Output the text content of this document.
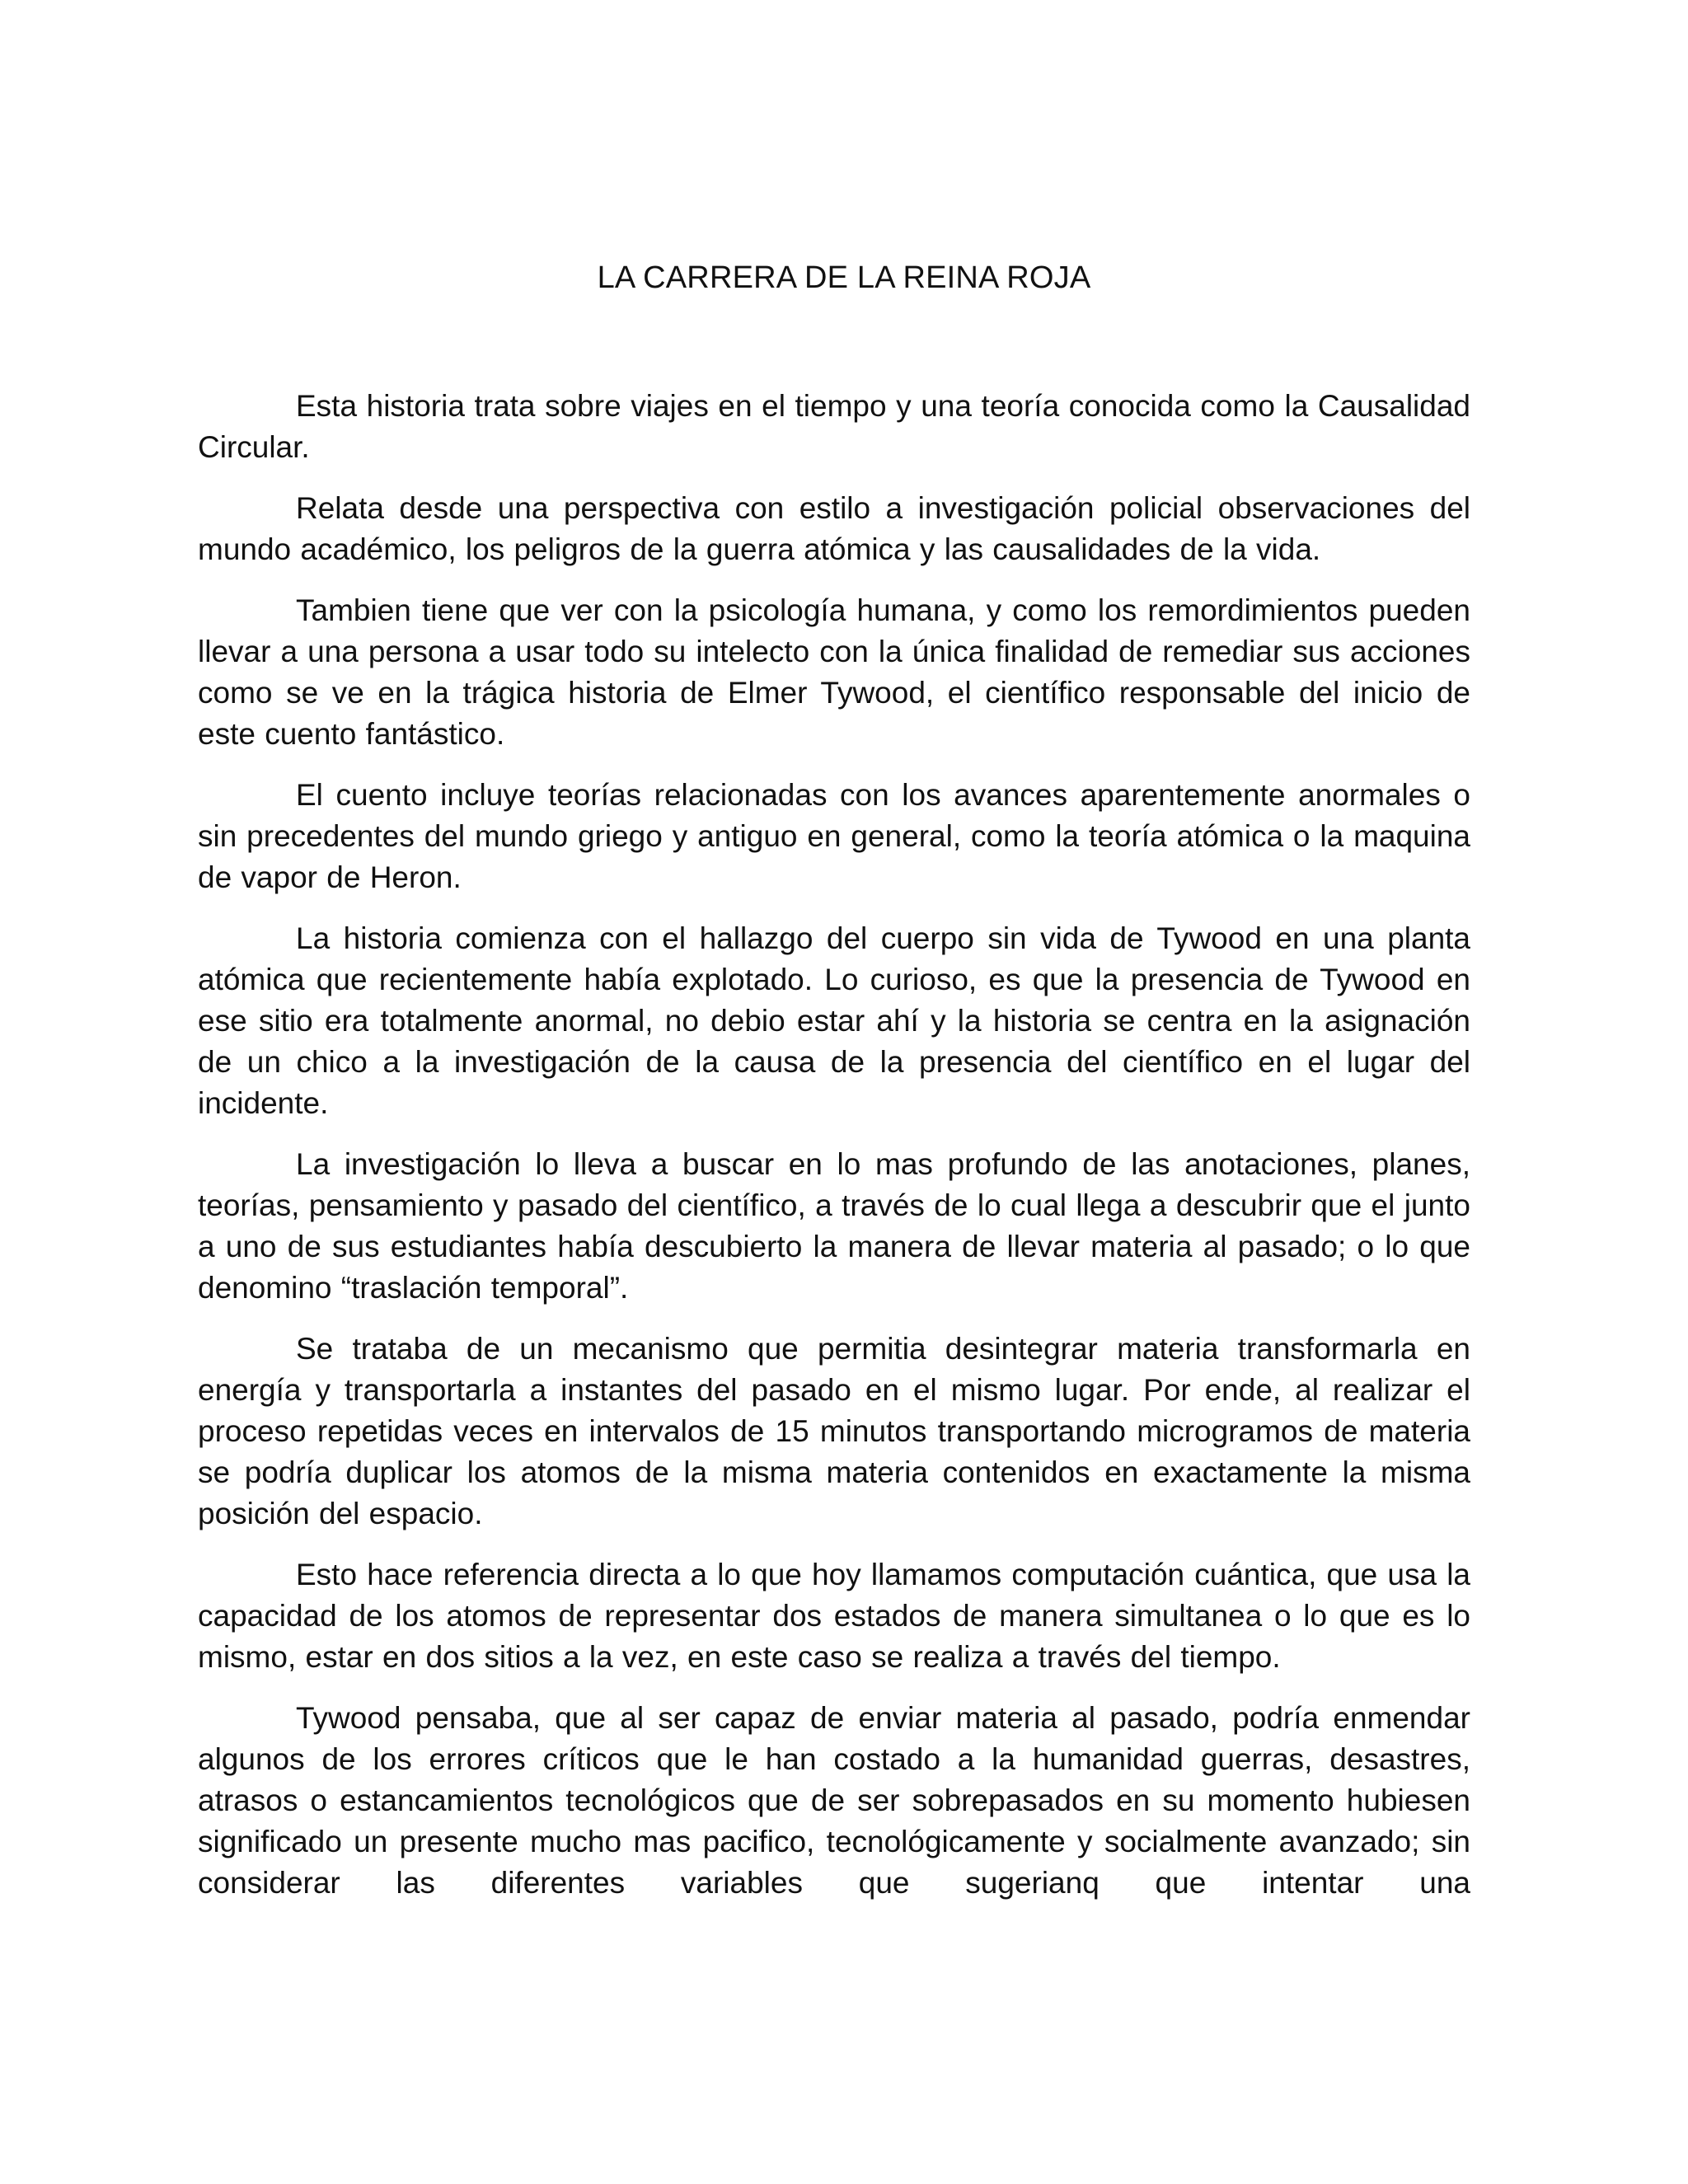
LA CARRERA DE LA REINA ROJA

Esta historia trata sobre viajes en el tiempo y una teoría conocida como la Causalidad Circular.

Relata desde una perspectiva con estilo a investigación policial observaciones del mundo académico, los peligros de la guerra atómica y las causalidades de la vida.

Tambien tiene que ver con la psicología humana, y como los remordimientos pueden llevar a una persona a usar todo su intelecto con la única finalidad de remediar sus acciones como se ve en la trágica historia de Elmer Tywood, el científico responsable del inicio de este cuento fantástico.

El cuento incluye teorías relacionadas con los avances aparentemente anormales o sin precedentes del mundo griego y antiguo en general, como la teoría atómica o la maquina de vapor de Heron.

La historia comienza con el hallazgo del cuerpo sin vida de Tywood en una planta atómica que recientemente había explotado. Lo curioso, es que la presencia de Tywood en ese sitio era totalmente anormal, no debio estar ahí y la historia se centra en la asignación de un chico a la investigación de la causa de la presencia del científico en el lugar del incidente.

La investigación lo lleva a buscar en lo mas profundo de las anotaciones, planes, teorías, pensamiento y pasado del científico, a través de lo cual llega a descubrir que el junto a uno de sus estudiantes había descubierto la manera de llevar materia al pasado; o lo que denomino “traslación temporal”.

Se trataba de un mecanismo que permitia desintegrar materia transformarla en energía y transportarla a instantes del pasado en el mismo lugar. Por ende, al realizar el proceso repetidas veces en intervalos de 15 minutos transportando microgramos de materia se podría duplicar los atomos de la misma materia contenidos en exactamente la misma posición del espacio.

Esto hace referencia directa a lo que hoy llamamos computación cuántica, que usa la capacidad de los atomos de representar dos estados de manera simultanea o lo que es lo mismo, estar en dos sitios a la vez, en este caso se realiza a través del tiempo.

Tywood pensaba, que al ser capaz de enviar materia al pasado, podría enmendar algunos de los errores críticos que le han costado a la humanidad guerras, desastres, atrasos o estancamientos tecnológicos que de ser sobrepasados en su momento hubiesen significado un presente mucho mas pacifico, tecnológicamente y socialmente avanzado; sin considerar las diferentes variables que sugerianq que intentar una
